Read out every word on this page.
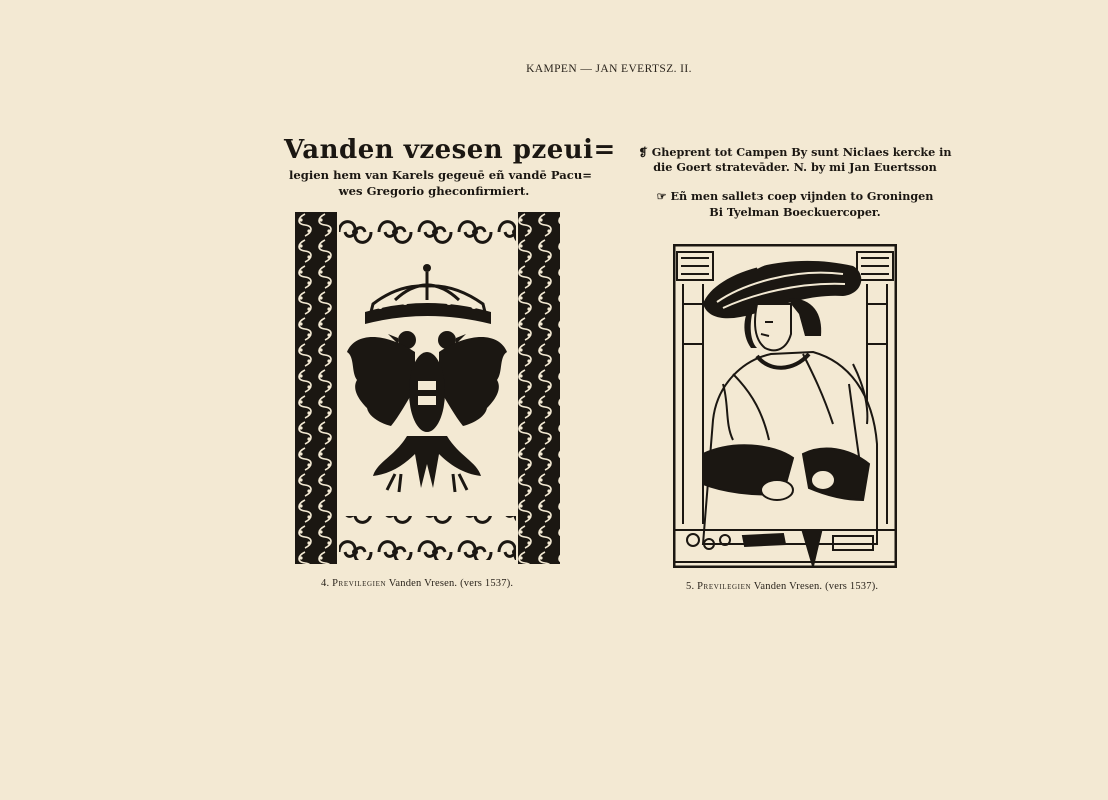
KAMPEN — JAN EVERTSZ. II.
Vanden vzesen pzeui=
legien hem van Karels gegeuē eñ vandē Pacu=
wes Gregorio gheconfirmiert.
4. Previlegien Vanden Vresen. (vers 1537).
❡ Gheprent tot Campen By sunt Niclaes kercke in
die Goert stratevāder. N. by mi Jan Euertsson
☞ Eñ men salletз coep vijnden to Groningen
Bi Tyelman Boeckuercoper.
5. Previlegien Vanden Vresen. (vers 1537).
